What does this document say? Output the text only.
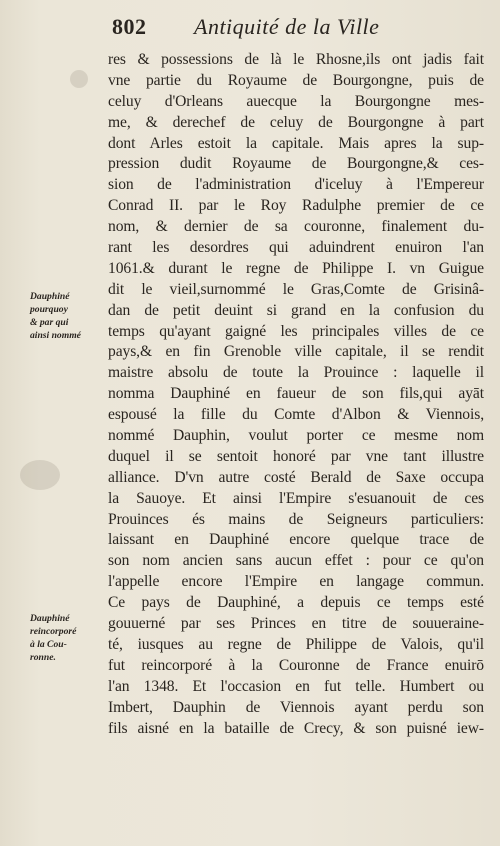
802 Antiquité de la Ville
Dauphiné
pourquoy
& par qui
ainsi nommé
Dauphiné
reincorporé
à la Cou-
ronne.
res & possessions de là le Rhosne,ils ont jadis fait
vne partie du Royaume de Bourgongne, puis de
celuy d'Orleans auecque la Bourgongne mes-
me, & derechef de celuy de Bourgongne à part
dont Arles estoit la capitale. Mais apres la sup-
pression dudit Royaume de Bourgongne,& ces-
sion de l'administration d'iceluy à l'Empereur
Conrad II. par le Roy Radulphe premier de ce
nom, & dernier de sa couronne, finalement du-
rant les desordres qui aduindrent enuiron l'an
1061.& durant le regne de Philippe I. vn Guigue
dit le vieil,surnommé le Gras,Comte de Grisinâ-
dan de petit deuint si grand en la confusion du
temps qu'ayant gaigné les principales villes de ce
pays,& en fin Grenoble ville capitale, il se rendit
maistre absolu de toute la Prouince : laquelle il
nomma Dauphiné en faueur de son fils,qui ayāt
espousé la fille du Comte d'Albon & Viennois,
nommé Dauphin, voulut porter ce mesme nom
duquel il se sentoit honoré par vne tant illustre
alliance. D'vn autre costé Berald de Saxe occupa
la Sauoye. Et ainsi l'Empire s'esuanouit de ces
Prouinces és mains de Seigneurs particuliers:
laissant en Dauphiné encore quelque trace de
son nom ancien sans aucun effet : pour ce qu'on
l'appelle encore l'Empire en langage commun.
Ce pays de Dauphiné, a depuis ce temps esté
gouuerné par ses Princes en titre de souueraine-
té, iusques au regne de Philippe de Valois, qu'il
fut reincorporé à la Couronne de France enuirō
l'an 1348. Et l'occasion en fut telle. Humbert ou
Imbert, Dauphin de Viennois ayant perdu son
fils aisné en la bataille de Crecy, & son puisné iew-
